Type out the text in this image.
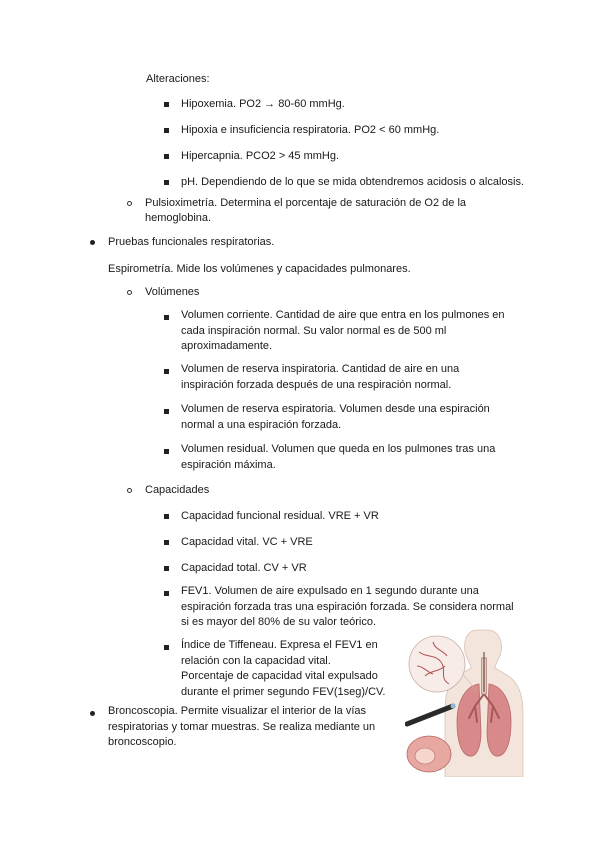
Alteraciones:
Hipoxemia. PO2 → 80-60 mmHg.
Hipoxia e insuficiencia respiratoria. PO2 < 60 mmHg.
Hipercapnia. PCO2 > 45 mmHg.
pH. Dependiendo de lo que se mida obtendremos acidosis o alcalosis.
Pulsioximetría. Determina el porcentaje de saturación de O2 de la
hemoglobina.
Pruebas funcionales respiratorias.
Espirometría. Mide los volúmenes y capacidades pulmonares.
Volúmenes
Volumen corriente. Cantidad de aire que entra en los pulmones en cada inspiración normal. Su valor normal es de 500 ml aproximadamente.
Volumen de reserva inspiratoria. Cantidad de aire en una inspiración forzada después de una respiración normal.
Volumen de reserva espiratoria. Volumen desde una espiración normal a una espiración forzada.
Volumen residual. Volumen que queda en los pulmones tras una espiración máxima.
Capacidades
Capacidad funcional residual. VRE + VR
Capacidad vital. VC + VRE
Capacidad total. CV + VR
FEV1. Volumen de aire expulsado en 1 segundo durante una espiración forzada tras una espiración forzada. Se considera normal si es mayor del 80% de su valor teórico.
Índice de Tiffeneau. Expresa el FEV1 en relación con la capacidad vital. Porcentaje de capacidad vital expulsado durante el primer segundo FEV(1seg)/CV.
Broncoscopia. Permite visualizar el interior de la vías respiratorias y tomar muestras. Se realiza mediante un broncoscopio.
